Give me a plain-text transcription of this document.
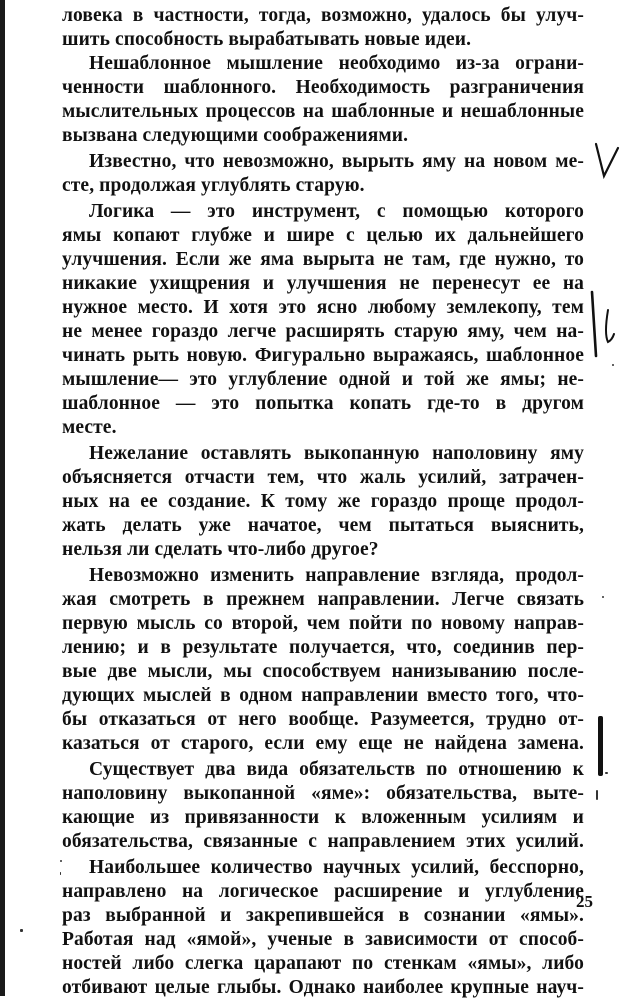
ловека в частности, тогда, возможно, удалось бы улуч-
шить способность вырабатывать новые идеи.
Нешаблонное мышление необходимо из-за ограни-
ченности шаблонного. Необходимость разграничения
мыслительных процессов на шаблонные и нешаблонные
вызвана следующими соображениями.
Известно, что невозможно, вырыть яму на новом ме-
сте, продолжая углублять старую.
Логика — это инструмент, с помощью которого
ямы копают глубже и шире с целью их дальнейшего
улучшения. Если же яма вырыта не там, где нужно, то
никакие ухищрения и улучшения не перенесут ее на
нужное место. И хотя это ясно любому землекопу, тем
не менее гораздо легче расширять старую яму, чем на-
чинать рыть новую. Фигурально выражаясь, шаблонное
мышление— это углубление одной и той же ямы; не-
шаблонное — это попытка копать где-то в другом
месте.
Нежелание оставлять выкопанную наполовину яму
объясняется отчасти тем, что жаль усилий, затрачен-
ных на ее создание. К тому же гораздо проще продол-
жать делать уже начатое, чем пытаться выяснить,
нельзя ли сделать что-либо другое?
Невозможно изменить направление взгляда, продол-
жая смотреть в прежнем направлении. Легче связать
первую мысль со второй, чем пойти по новому направ-
лению; и в результате получается, что, соединив пер-
вые две мысли, мы способствуем нанизыванию после-
дующих мыслей в одном направлении вместо того, что-
бы отказаться от него вообще. Разумеется, трудно от-
казаться от старого, если ему еще не найдена замена.
Существует два вида обязательств по отношению к
наполовину выкопанной «яме»: обязательства, выте-
кающие из привязанности к вложенным усилиям и
обязательства, связанные с направлением этих усилий.
Наибольшее количество научных усилий, бесспорно,
направлено на логическое расширение и углубление
раз выбранной и закрепившейся в сознании «ямы».
Работая над «ямой», ученые в зависимости от способ-
ностей либо слегка царапают по стенкам «ямы», либо
отбивают целые глыбы. Однако наиболее крупные науч-
25
